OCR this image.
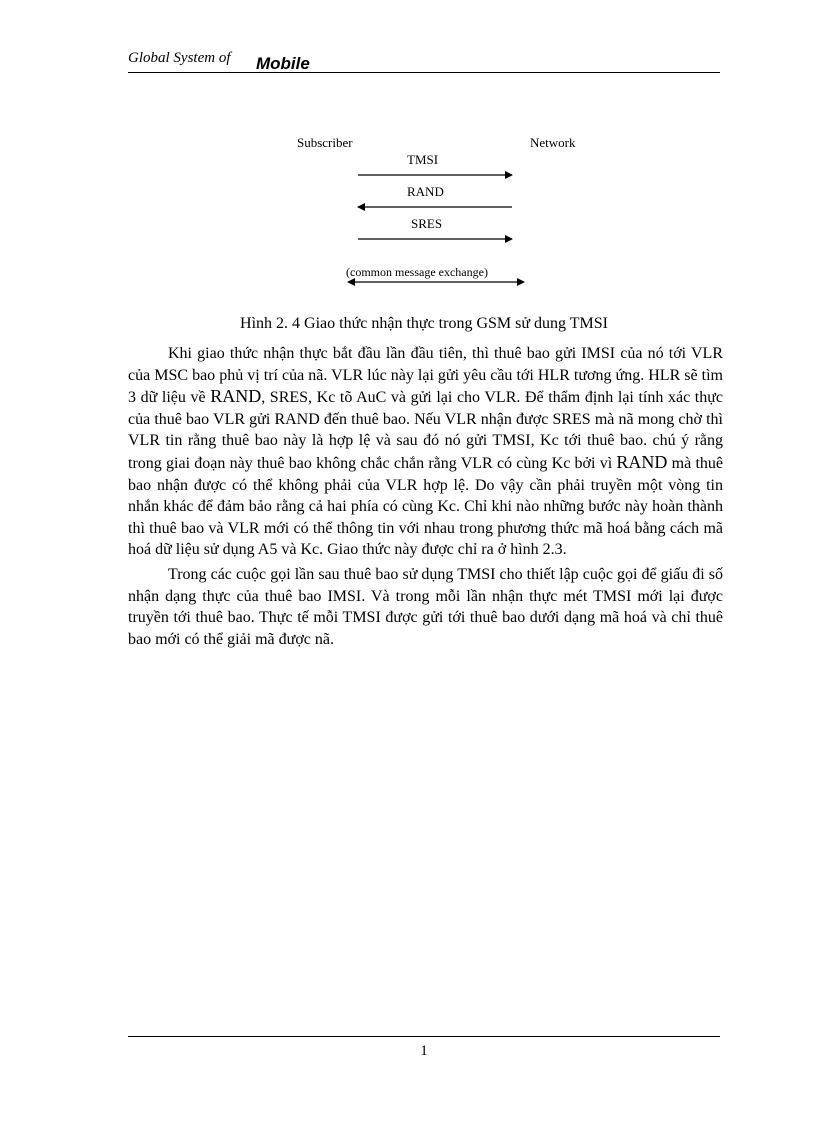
Global System of Mobile
Subscriber	Network
TMSI
RAND
SRES
(common message exchange)
Hình 2. 4 Giao thức nhận thực trong GSM sử dung TMSI

Khi giao thức nhận thực bắt đầu lần đầu tiên, thì thuê bao gửi IMSI của nó tới VLR của MSC bao phủ vị trí của nã. VLR lúc này lại gửi yêu cầu tới HLR tương ứng. HLR sẽ tìm 3 dữ liệu về RAND, SRES, Kc tõ AuC và gửi lại cho VLR. Để thẩm định lại tính xác thực của thuê bao VLR gửi RAND đến thuê bao. Nếu VLR nhận được SRES mà nã mong chờ thì VLR tin rằng thuê bao này là hợp lệ và sau đó nó gửi TMSI, Kc tới thuê bao. chú ý rằng trong giai đoạn này thuê bao không chắc chắn rằng VLR có cùng Kc bởi vì RAND mà thuê bao nhận được có thể không phải của VLR hợp lệ. Do vậy cần phải truyền một vòng tin nhắn khác để đảm bảo rằng cả hai phía có cùng Kc. Chỉ khi nào những bước này hoàn thành thì thuê bao và VLR mới có thể thông tin với nhau trong phương thức mã hoá bằng cách mã hoá dữ liệu sử dụng A5 và Kc. Giao thức này được chỉ ra ở hình 2.3.

Trong các cuộc gọi lần sau thuê bao sử dụng TMSI cho thiết lập cuộc gọi để giấu đi số nhận dạng thực của thuê bao IMSI. Và trong mỗi lần nhận thực mét TMSI mới lại được truyền tới thuê bao. Thực tế mỗi TMSI được gửi tới thuê bao dưới dạng mã hoá và chỉ thuê bao mới có thể giải mã được nã.

1
